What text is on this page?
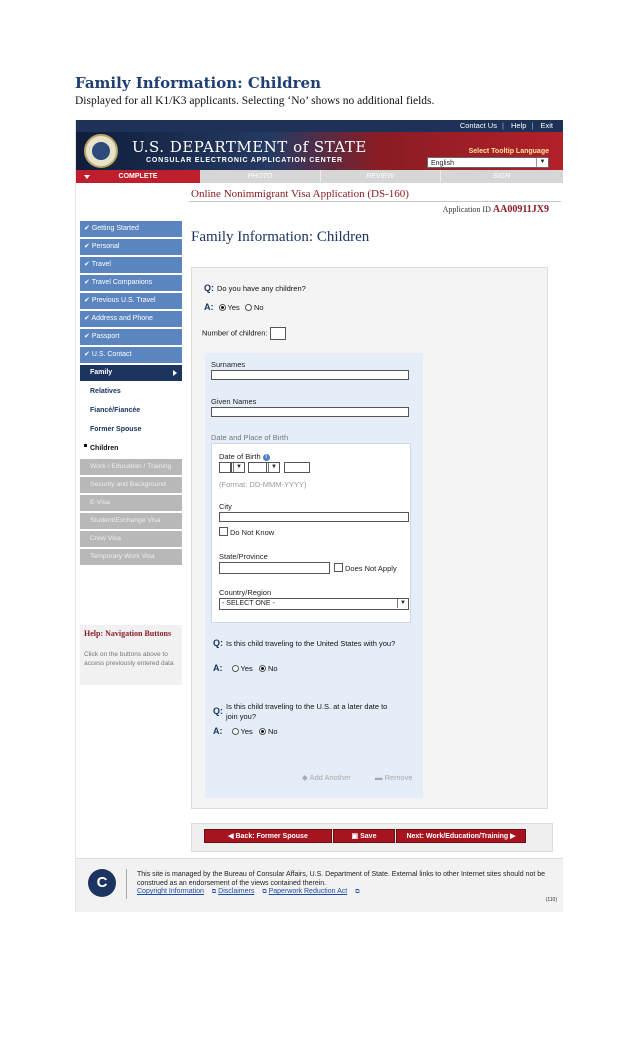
Family Information: Children

Displayed for all K1/K3 applicants. Selecting ‘No’ shows no additional fields.

Contact Us | Help | Exit
U.S. DEPARTMENT of STATE
CONSULAR ELECTRONIC APPLICATION CENTER
Select Tooltip Language
English	▼
COMPLETE	PHOTO	REVIEW	SIGN
Online Nonimmigrant Visa Application (DS-160)
Application ID AA00911JX9
✔ Getting Started
✔ Personal
✔ Travel
✔ Travel Companions
✔ Previous U.S. Travel
✔ Address and Phone
✔ Passport
✔ U.S. Contact
Family
Relatives
Fiancé/Fiancée
Former Spouse
Children
Work / Education / Training
Security and Background
E-Visa
Student/Exchange Visa
Crew Visa
Temporary Work Visa
Help: Navigation Buttons
Click on the buttons above to access previously entered data
Family Information: Children
Q: Do you have any children?
A: Yes No
Number of children:
Surnames
Given Names
Date and Place of Birth
Date of Birth i
▼	▼
(Format: DD-MMM-YYYY)
City
Do Not Know
State/Province
Does Not Apply
Country/Region
- SELECT ONE -	▼
Q: Is this child traveling to the United States with you?
A: Yes No
Q: Is this child traveling to the U.S. at a later date to
join you?
A: Yes No
◆ Add Another	▬ Remove
◀ Back: Former Spouse	▣ Save	Next: Work/Education/Training ▶
C	This site is managed by the Bureau of Consular Affairs, U.S. Department of State. External links to other Internet sites should not be construed as an endorsement of the views contained therein.
Copyright Information ⧉ Disclaimers ⧉ Paperwork Reduction Act ⧉
(110)
